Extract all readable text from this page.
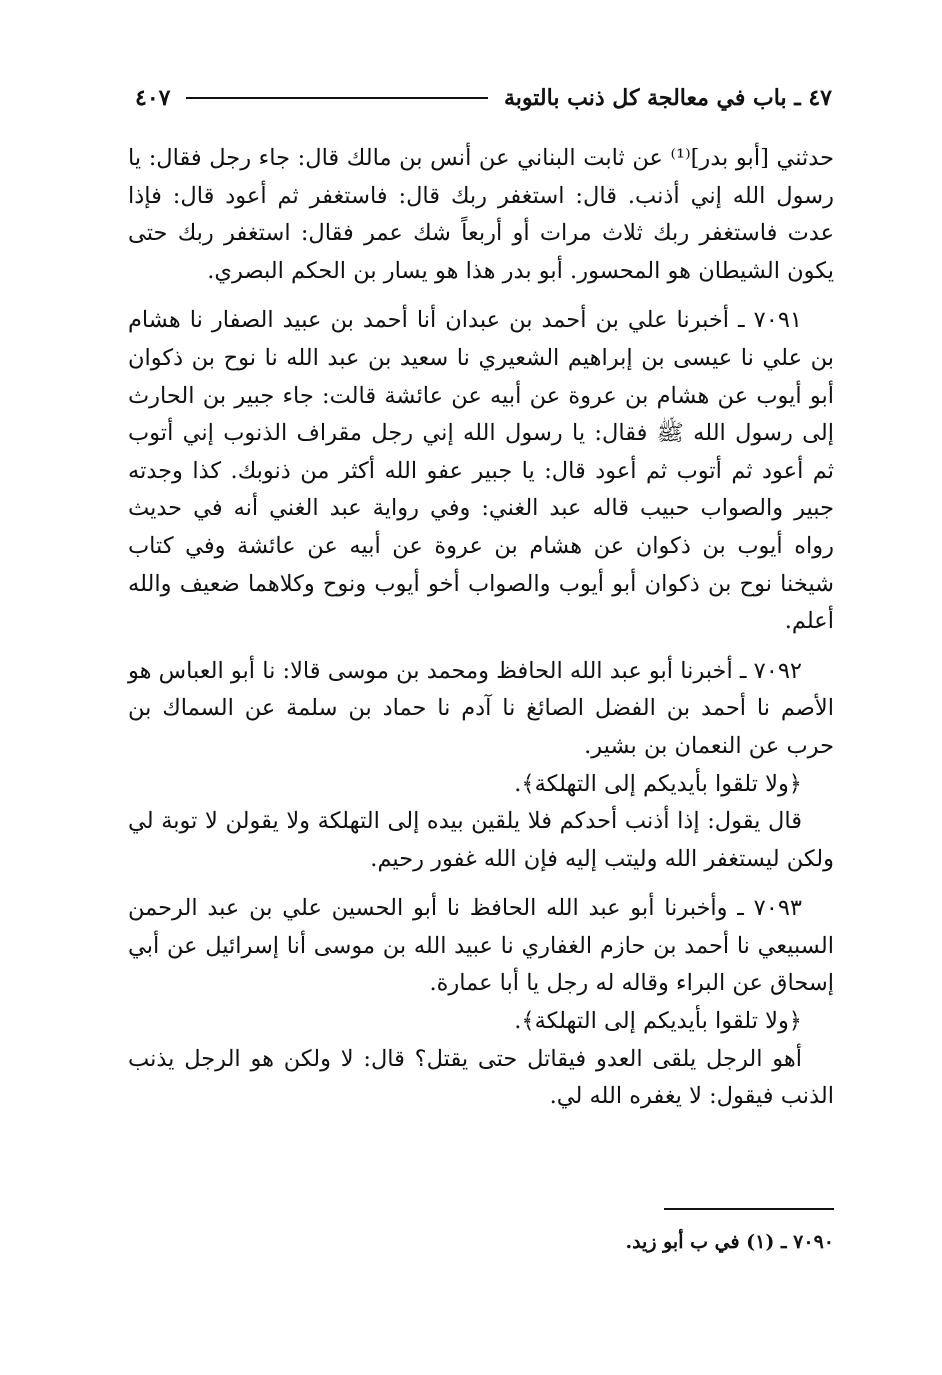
٤٧ ـ باب في معالجة كل ذنب بالتوبة
٤٠٧

حدثني [أبو بدر]⁽¹⁾ عن ثابت البناني عن أنس بن مالك قال: جاء رجل فقال: يا رسول الله إني أذنب. قال: استغفر ربك قال: فاستغفر ثم أعود قال: فإذا عدت فاستغفر ربك ثلاث مرات أو أربعاً شك عمر فقال: استغفر ربك حتى يكون الشيطان هو المحسور. أبو بدر هذا هو يسار بن الحكم البصري.

٧٠٩١ ـ أخبرنا علي بن أحمد بن عبدان أنا أحمد بن عبيد الصفار نا هشام بن علي نا عيسى بن إبراهيم الشعيري نا سعيد بن عبد الله نا نوح بن ذكوان أبو أيوب عن هشام بن عروة عن أبيه عن عائشة قالت: جاء جبير بن الحارث إلى رسول الله ﷺ فقال: يا رسول الله إني رجل مقراف الذنوب إني أتوب ثم أعود ثم أتوب ثم أعود قال: يا جبير عفو الله أكثر من ذنوبك. كذا وجدته جبير والصواب حبيب قاله عبد الغني: وفي رواية عبد الغني أنه في حديث رواه أيوب بن ذكوان عن هشام بن عروة عن أبيه عن عائشة وفي كتاب شيخنا نوح بن ذكوان أبو أيوب والصواب أخو أيوب ونوح وكلاهما ضعيف والله أعلم.

٧٠٩٢ ـ أخبرنا أبو عبد الله الحافظ ومحمد بن موسى قالا: نا أبو العباس هو الأصم نا أحمد بن الفضل الصائغ نا آدم نا حماد بن سلمة عن السماك بن حرب عن النعمان بن بشير.

﴿ولا تلقوا بأيديكم إلى التهلكة﴾.

قال يقول: إذا أذنب أحدكم فلا يلقين بيده إلى التهلكة ولا يقولن لا توبة لي ولكن ليستغفر الله وليتب إليه فإن الله غفور رحيم.

٧٠٩٣ ـ وأخبرنا أبو عبد الله الحافظ نا أبو الحسين علي بن عبد الرحمن السبيعي نا أحمد بن حازم الغفاري نا عبيد الله بن موسى أنا إسرائيل عن أبي إسحاق عن البراء وقاله له رجل يا أبا عمارة.

﴿ولا تلقوا بأيديكم إلى التهلكة﴾.

أهو الرجل يلقى العدو فيقاتل حتى يقتل؟ قال: لا ولكن هو الرجل يذنب الذنب فيقول: لا يغفره الله لي.

٧٠٩٠ ـ (١) في ب أبو زيد.
